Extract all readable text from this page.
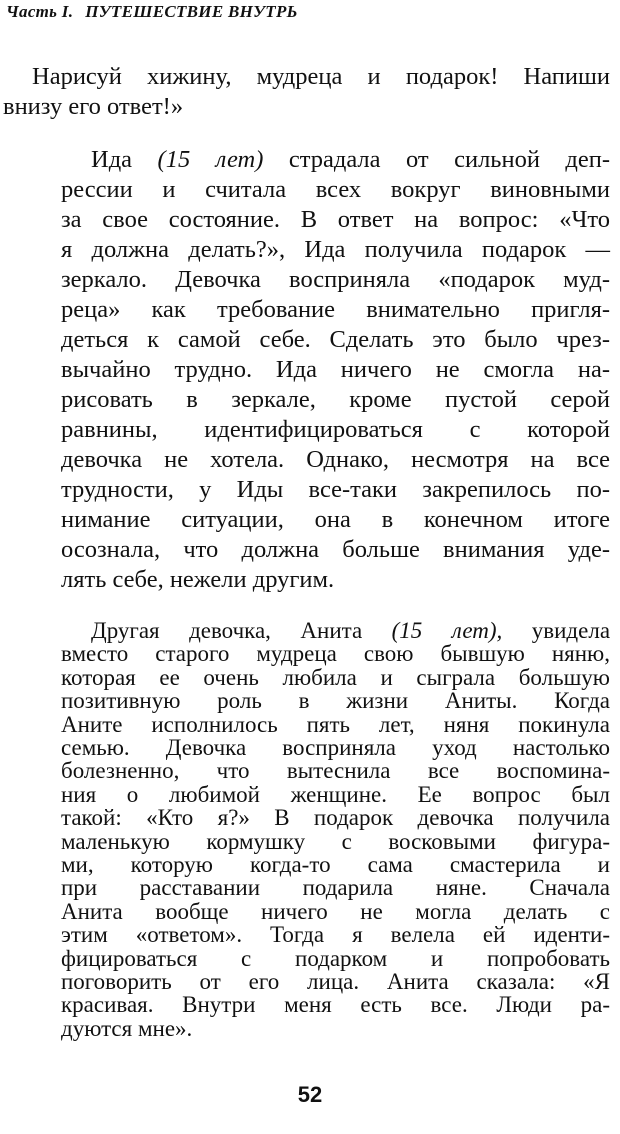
Часть I. ПУТЕШЕСТВИЕ ВНУТРЬ
Нарисуй хижину, мудреца и подарок! Напиши
внизу его ответ!»
Ида (15 лет) страдала от сильной деп-
рессии и считала всех вокруг виновными
за свое состояние. В ответ на вопрос: «Что
я должна делать?», Ида получила подарок —
зеркало. Девочка восприняла «подарок муд-
реца» как требование внимательно пригля-
деться к самой себе. Сделать это было чрез-
вычайно трудно. Ида ничего не смогла на-
рисовать в зеркале, кроме пустой серой
равнины, идентифицироваться с которой
девочка не хотела. Однако, несмотря на все
трудности, у Иды все-таки закрепилось по-
нимание ситуации, она в конечном итоге
осознала, что должна больше внимания уде-
лять себе, нежели другим.
Другая девочка, Анита (15 лет), увидела
вместо старого мудреца свою бывшую няню,
которая ее очень любила и сыграла большую
позитивную роль в жизни Аниты. Когда
Аните исполнилось пять лет, няня покинула
семью. Девочка восприняла уход настолько
болезненно, что вытеснила все воспомина-
ния о любимой женщине. Ее вопрос был
такой: «Кто я?» В подарок девочка получила
маленькую кормушку с восковыми фигура-
ми, которую когда-то сама смастерила и
при расставании подарила няне. Сначала
Анита вообще ничего не могла делать с
этим «ответом». Тогда я велела ей иденти-
фицироваться с подарком и попробовать
поговорить от его лица. Анита сказала: «Я
красивая. Внутри меня есть все. Люди ра-
дуются мне».
52
